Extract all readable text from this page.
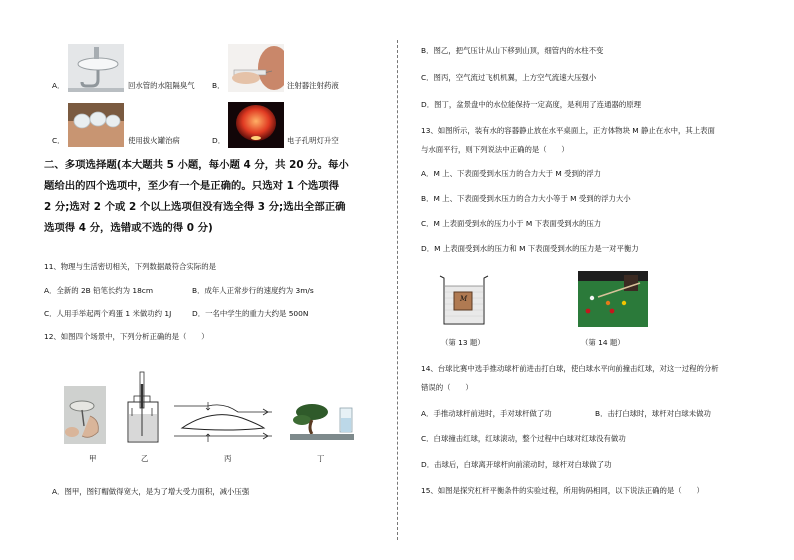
A．	回水管的水阻隔臭气 B．	注射器注射药液
C．	使用拔火罐治病	D．	电子孔明灯升空
二、多项选择题(本大题共 5 小题，每小题 4 分，共 20 分。每小
题给出的四个选项中，至少有一个是正确的。只选对 1 个选项得
2 分;选对 2 个或 2 个以上选项但没有选全得 3 分;选出全部正确
选项得 4 分，选错或不选的得 0 分)
11、物理与生活密切相关，下列数据最符合实际的是
A．全新的 2B 铅笔长约为 18cm	B．成年人正常步行的速度约为 3m/s
C．人用手举起两个鸡蛋 1 米做功约 1J	D．一名中学生的重力大约是 500N
12、如图四个场景中，下列分析正确的是（　　）
甲	乙	丙	丁
A．图甲，图钉帽做得宽大，是为了增大受力面积，减小压强
B．图乙，把气压计从山下移到山顶，细管内的水柱不变
C．图丙，空气流过飞机机翼，上方空气流速大压强小
D．图丁，盆景盘中的水位能保持一定高度，是利用了连通器的原理
13、如图所示，装有水的容器静止放在水平桌面上，正方体物块 M 静止在水中，其上表面
与水面平行，则下列说法中正确的是（　　）
A．M 上、下表面受到水压力的合力大于 M 受到的浮力
B．M 上、下表面受到水压力的合力大小等于 M 受到的浮力大小
C．M 上表面受到水的压力小于 M 下表面受到水的压力
D．M 上表面受到水的压力和 M 下表面受到水的压力是一对平衡力
M
（第 13 题）	（第 14 题）
14、台球比赛中选手推动球杆前进击打白球，使白球水平向前撞击红球，对这一过程的分析
错误的（　　）
A．手推动球杆前进时，手对球杆做了功	B．击打白球时，球杆对白球未做功
C．白球撞击红球，红球滚动，整个过程中白球对红球没有做功
D．击球后，白球离开球杆向前滚动时，球杆对白球做了功
15、如图是探究杠杆平衡条件的实验过程，所用钩码相同，以下说法正确的是（　　）
